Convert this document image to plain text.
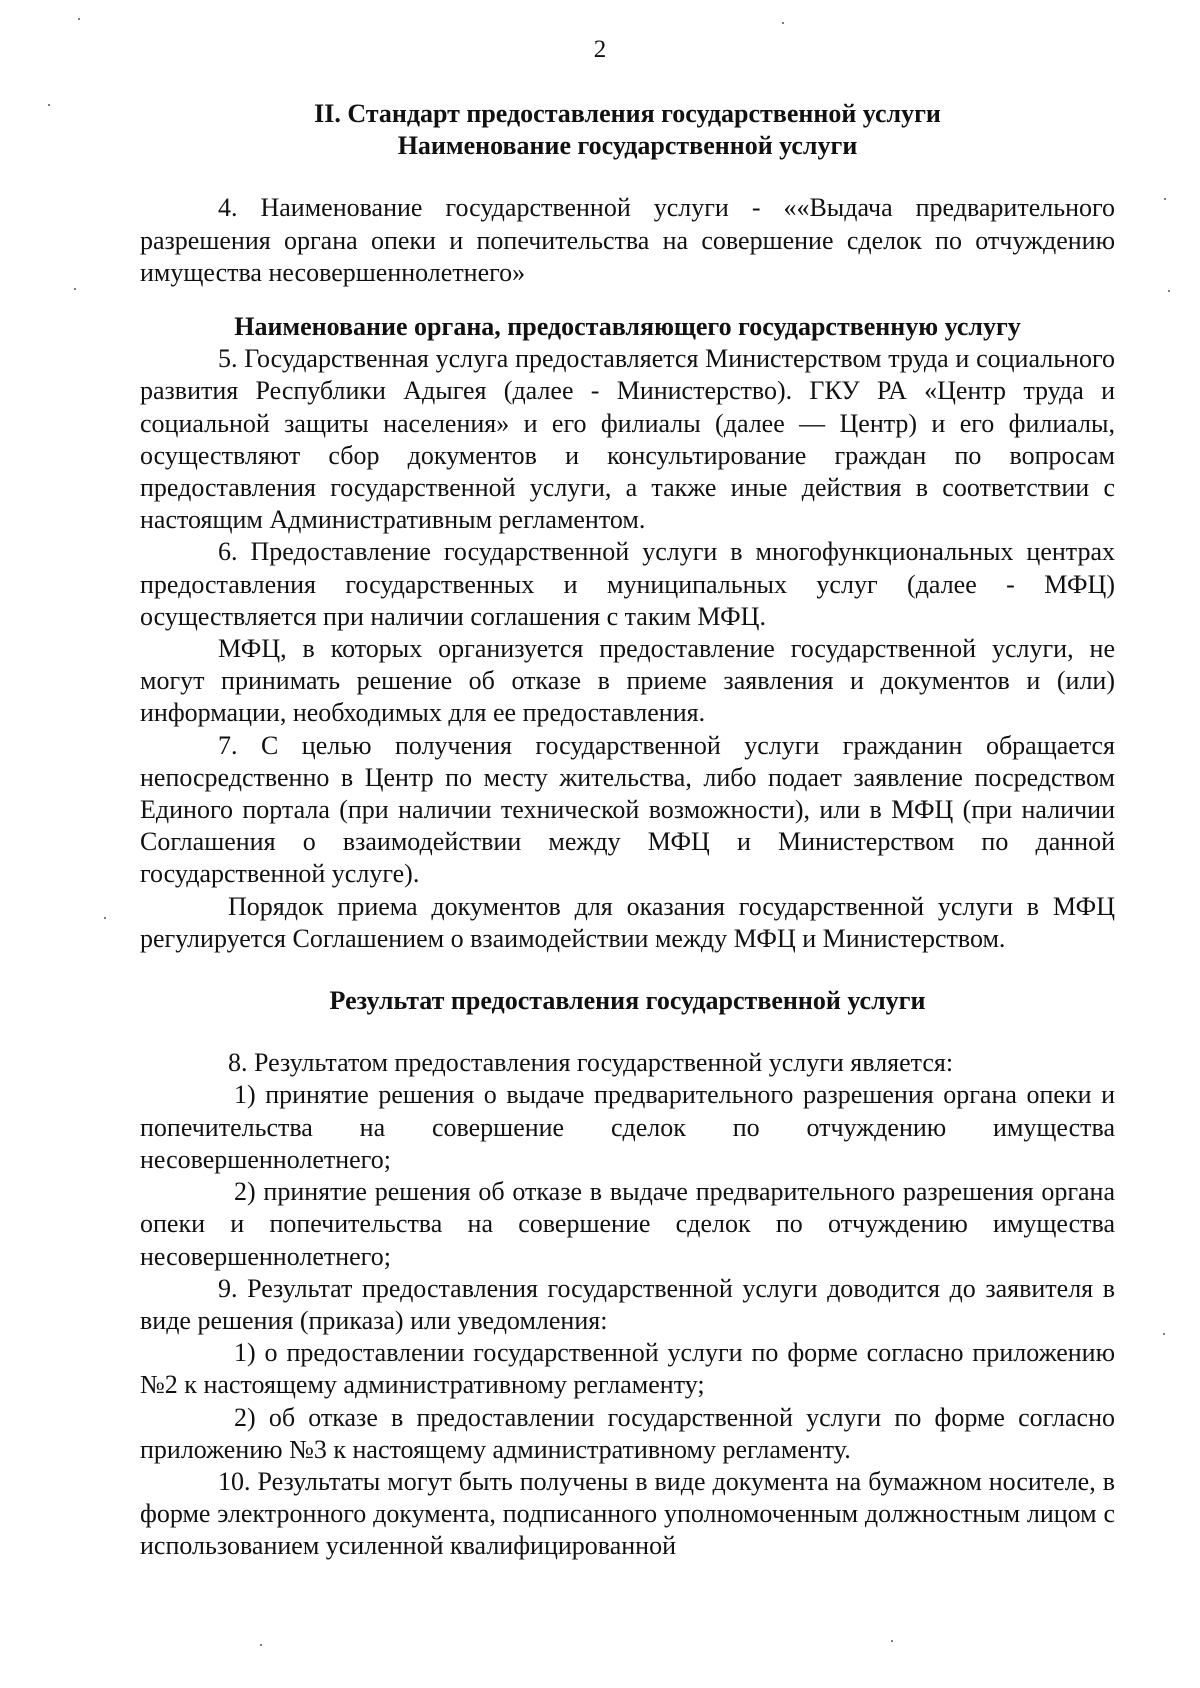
2
II. Стандарт предоставления государственной услуги
Наименование государственной услуги

4. Наименование государственной услуги - ««Выдача предварительного разрешения органа опеки и попечительства на совершение сделок по отчуждению имущества несовершеннолетнего»

Наименование органа, предоставляющего государственную услугу

5. Государственная услуга предоставляется Министерством труда и социального развития Республики Адыгея (далее - Министерство). ГКУ РА «Центр труда и социальной защиты населения» и его филиалы (далее — Центр) и его филиалы, осуществляют сбор документов и консультирование граждан по вопросам предоставления государственной услуги, а также иные действия в соответствии с настоящим Административным регламентом.

6. Предоставление государственной услуги в многофункциональных центрах предоставления государственных и муниципальных услуг (далее - МФЦ) осуществляется при наличии соглашения с таким МФЦ.

МФЦ, в которых организуется предоставление государственной услуги, не могут принимать решение об отказе в приеме заявления и документов и (или) информации, необходимых для ее предоставления.

7. С целью получения государственной услуги гражданин обращается непосредственно в Центр по месту жительства, либо подает заявление посредством Единого портала (при наличии технической возможности), или в МФЦ (при наличии Соглашения о взаимодействии между МФЦ и Министерством по данной государственной услуге).

Порядок приема документов для оказания государственной услуги в МФЦ регулируется Соглашением о взаимодействии между МФЦ и Министерством.

Результат предоставления государственной услуги

8. Результатом предоставления государственной услуги является:

1) принятие решения о выдаче предварительного разрешения органа опеки и попечительства на совершение сделок по отчуждению имущества несовершеннолетнего;

2) принятие решения об отказе в выдаче предварительного разрешения органа опеки и попечительства на совершение сделок по отчуждению имущества несовершеннолетнего;

9. Результат предоставления государственной услуги доводится до заявителя в виде решения (приказа) или уведомления:

1) о предоставлении государственной услуги по форме согласно приложению №2 к настоящему административному регламенту;

2) об отказе в предоставлении государственной услуги по форме согласно приложению №3 к настоящему административному регламенту.

10. Результаты могут быть получены в виде документа на бумажном носителе, в форме электронного документа, подписанного уполномоченным должностным лицом с использованием усиленной квалифицированной
